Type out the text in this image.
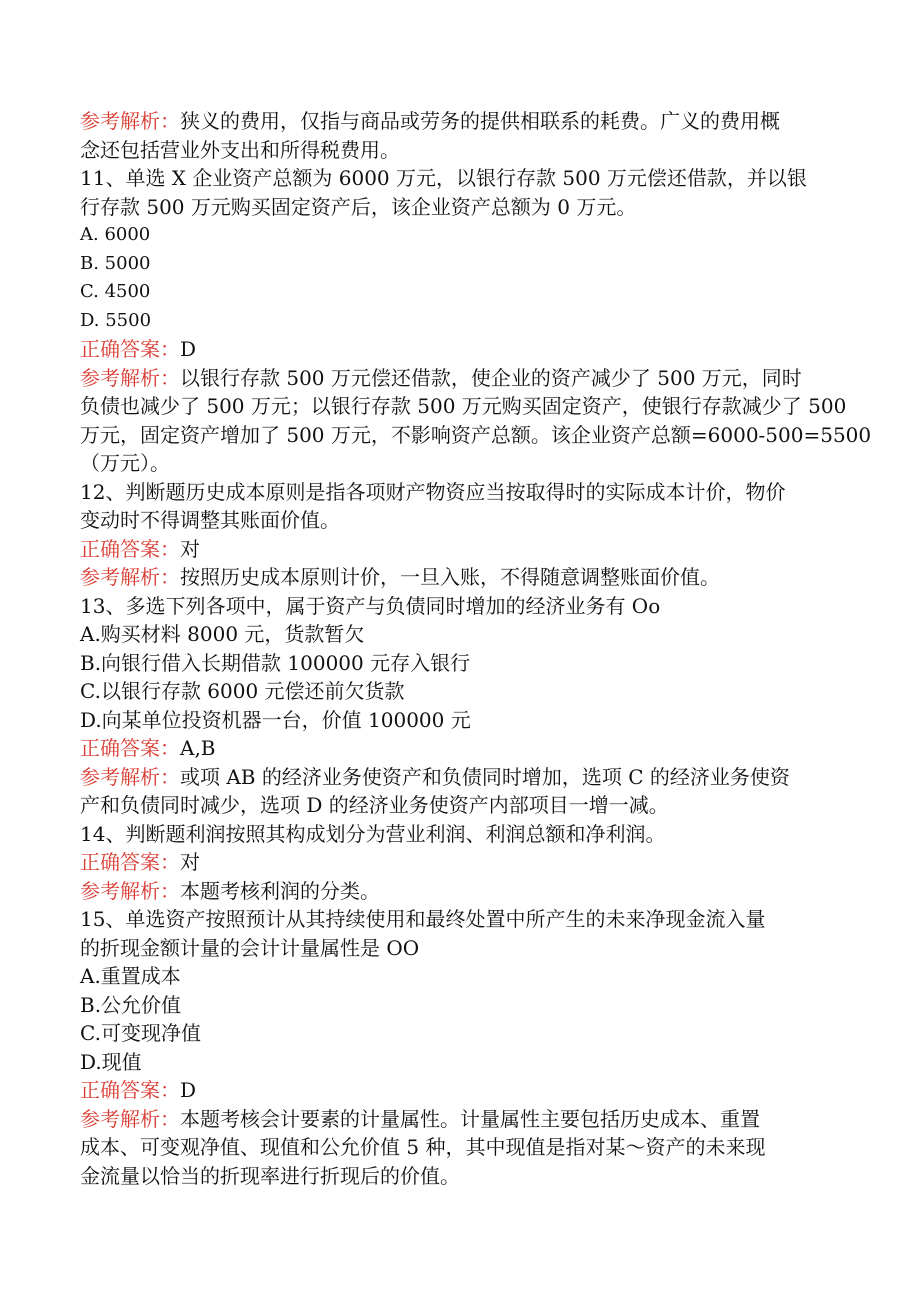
参考解析：狭义的费用，仅指与商品或劳务的提供相联系的耗费。广义的费用概
念还包括营业外支出和所得税费用。
11、单选 X 企业资产总额为 6000 万元，以银行存款 500 万元偿还借款，并以银
行存款 500 万元购买固定资产后，该企业资产总额为 0 万元。
A. 6000
B. 5000
C. 4500
D. 5500
正确答案：D
参考解析：以银行存款 500 万元偿还借款，使企业的资产减少了 500 万元，同时
负债也减少了 500 万元；以银行存款 500 万元购买固定资产，使银行存款减少了 500
万元，固定资产增加了 500 万元，不影响资产总额。该企业资产总额=6000-500=5500
（万元）。
12、判断题历史成本原则是指各项财产物资应当按取得时的实际成本计价，物价
变动时不得调整其账面价值。
正确答案：对
参考解析：按照历史成本原则计价，一旦入账，不得随意调整账面价值。
13、多选下列各项中，属于资产与负债同时增加的经济业务有 Oo
A.购买材料 8000 元，货款暂欠
B.向银行借入长期借款 100000 元存入银行
C.以银行存款 6000 元偿还前欠货款
D.向某单位投资机器一台，价值 100000 元
正确答案：A,B
参考解析：或项 AB 的经济业务使资产和负债同时增加，选项 C 的经济业务使资
产和负债同时减少，选项 D 的经济业务使资产内部项目一增一减。
14、判断题利润按照其构成划分为营业利润、利润总额和净利润。
正确答案：对
参考解析：本题考核利润的分类。
15、单选资产按照预计从其持续使用和最终处置中所产生的未来净现金流入量
的折现金额计量的会计计量属性是 OO
A.重置成本
B.公允价值
C.可变现净值
D.现值
正确答案：D
参考解析：本题考核会计要素的计量属性。计量属性主要包括历史成本、重置
成本、可变观净值、现值和公允价值 5 种，其中现值是指对某～资产的未来现
金流量以恰当的折现率进行折现后的价值。
